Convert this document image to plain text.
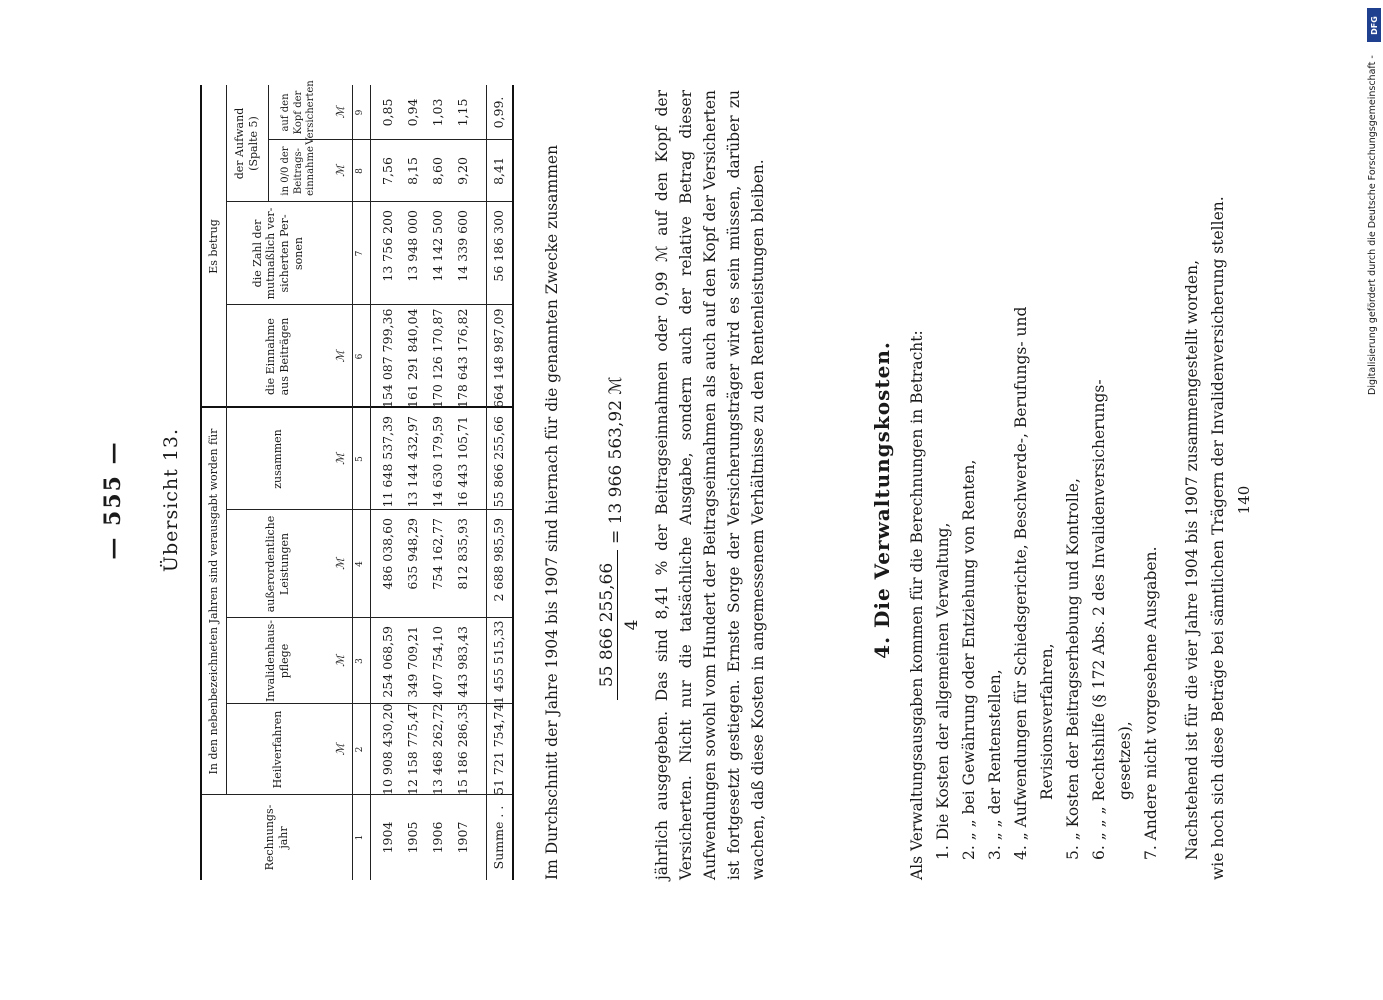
— 555 — Übersicht 13.
Rechnungs-jahr
In den nebenbezeichneten Jahren sind verausgabt worden für
Es betrug
der Aufwand (Spalte 5)
Heilverfahren
Invalidenhaus-pflege
außerordentliche Leistungen
zusammen
die Einnahme aus Beiträgen
die Zahl der mutmaßlich ver-sicherten Per-sonen
in 0/0 der Beitrags-einnahme
auf den Kopf der Versicherten
ℳ
ℳ
ℳ
ℳ
ℳ
ℳ
ℳ
1
2
3
4
5
6
7
8
9
1904
10 908 430,20
254 068,59
486 038,60
11 648 537,39
154 087 799,36
13 756 200
7,56
0,85
1905
12 158 775,47
349 709,21
635 948,29
13 144 432,97
161 291 840,04
13 948 000
8,15
0,94
1906
13 468 262,72
407 754,10
754 162,77
14 630 179,59
170 126 170,87
14 142 500
8,60
1,03
1907
15 186 286,35
443 983,43
812 835,93
16 443 105,71
178 643 176,82
14 339 600
9,20
1,15
Summe . .
51 721 754,74
1 455 515,33
2 688 985,59
55 866 255,66
664 148 987,09
56 186 300
8,41
0,99.
Im Durchschnitt der Jahre 1904 bis 1907 sind hiernach für die genannten Zwecke zusammen 55 866 255,66 4
= 13 966 563,92 ℳ jährlich ausgegeben. Das sind 8,41 % der Beitragseinnahmen oder 0,99 ℳ auf den Kopf der Versicherten. Nicht nur die tatsächliche Ausgabe, sondern auch der relative Betrag dieser Aufwendungen sowohl vom Hundert der Beitragseinnahmen als auch auf den Kopf der Versicherten ist fortgesetzt gestiegen. Ernste Sorge der Versicherungsträger wird es sein müssen, darüber zu wachen, daß diese Kosten in angemessenem Verhältnisse zu den Rentenleistungen bleiben.	4. Die Verwaltungskosten. Als Verwaltungsausgaben kommen für die Berechnungen in Betracht: 1. Die Kosten der allgemeinen Verwaltung, 2. „ „ bei Gewährung oder Entziehung von Renten, 3. „ „ der Rentenstellen, 4. „ Aufwendungen für Schiedsgerichte, Beschwerde-, Berufungs- und Revisionsverfahren, 5. „ Kosten der Beitragserhebung und Kontrolle, 6. „ „ „ Rechtshilfe (§ 172 Abs. 2 des Invalidenversicherungs- gesetzes), 7. Andere nicht vorgesehene Ausgaben. Nachstehend ist für die vier Jahre 1904 bis 1907 zusammengestellt worden, wie hoch sich diese Beträge bei sämtlichen Trägern der Invalidenversicherung stellen. 140
DFG
Digitalisierung gefördert durch die Deutsche Forschungsgemeinschaft -
